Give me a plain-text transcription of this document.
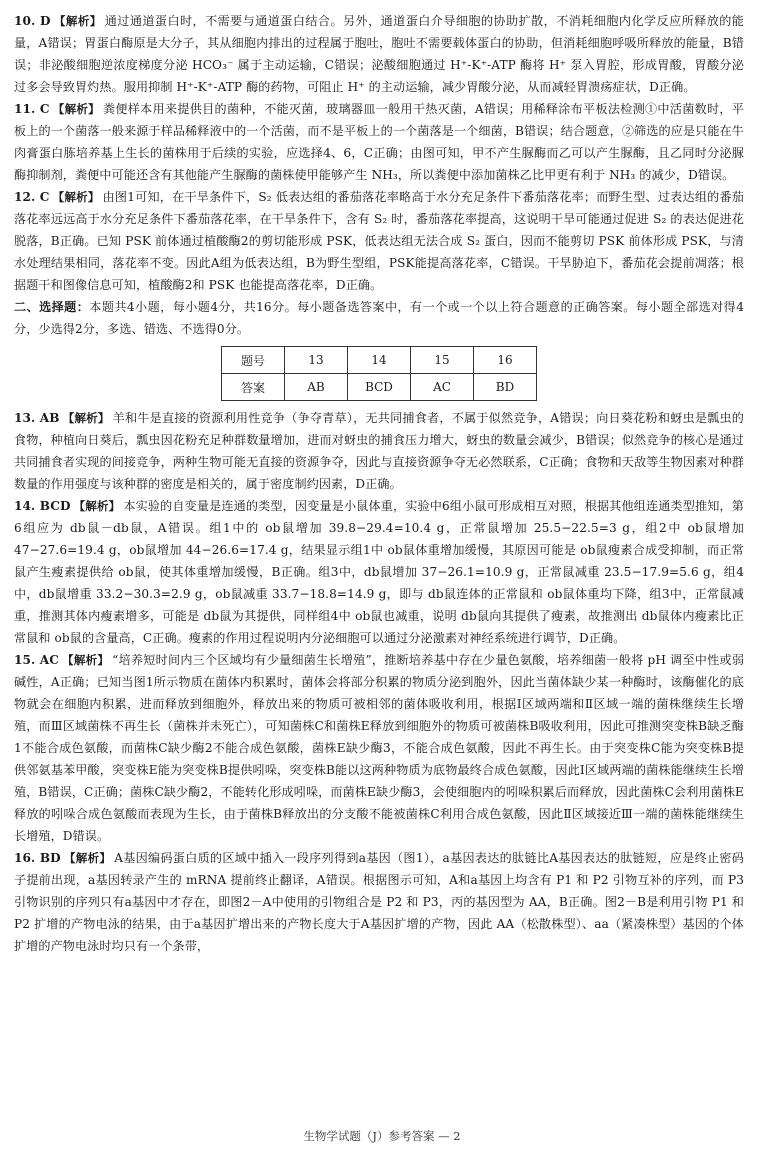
10. D 【解析】 通过通道蛋白时，不需要与通道蛋白结合。另外，通道蛋白介导细胞的协助扩散，不消耗细胞内化学反应所释放的能量，A错误；胃蛋白酶原是大分子，其从细胞内排出的过程属于胞吐，胞吐不需要载体蛋白的协助，但消耗细胞呼吸所释放的能量，B错误；非泌酸细胞逆浓度梯度分泌 HCO₃⁻ 属于主动运输，C错误；泌酸细胞通过 H⁺-K⁺-ATP 酶将 H⁺ 泵入胃腔，形成胃酸，胃酸分泌过多会导致胃灼热。服用抑制 H⁺-K⁺-ATP 酶的药物，可阻止 H⁺ 的主动运输，减少胃酸分泌，从而减轻胃溃疡症状，D正确。

11. C 【解析】 粪便样本用来提供目的菌种，不能灭菌，玻璃器皿一般用干热灭菌，A错误；用稀释涂布平板法检测①中活菌数时，平板上的一个菌落一般来源于样品稀释液中的一个活菌，而不是平板上的一个菌落是一个细菌，B错误；结合题意，②筛选的应是只能在牛肉膏蛋白胨培养基上生长的菌株用于后续的实验，应选择4、6，C正确；由图可知，甲不产生脲酶而乙可以产生脲酶，且乙同时分泌脲酶抑制剂，粪便中可能还含有其他能产生脲酶的菌株使甲能够产生 NH₃，所以粪便中添加菌株乙比甲更有利于 NH₃ 的减少，D错误。

12. C 【解析】 由图1可知，在干旱条件下，S₂ 低表达组的番茄落花率略高于水分充足条件下番茄落花率；而野生型、过表达组的番茄落花率远远高于水分充足条件下番茄落花率，在干旱条件下，含有 S₂ 时，番茄落花率提高，这说明干旱可能通过促进 S₂ 的表达促进花脱落，B正确。已知 PSK 前体通过植酸酶2的剪切能形成 PSK，低表达组无法合成 S₂ 蛋白，因而不能剪切 PSK 前体形成 PSK，与清水处理结果相同，落花率不变。因此A组为低表达组，B为野生型组，PSK能提高落花率，C错误。干旱胁迫下，番茄花会提前凋落；根据题干和图像信息可知，植酸酶2和 PSK 也能提高落花率，D正确。

二、选择题：本题共4小题，每小题4分，共16分。每小题备选答案中，有一个或一个以上符合题意的正确答案。每小题全部选对得4分，少选得2分，多选、错选、不选得0分。

题号	13	14	15	16
答案	AB	BCD	AC	BD

13. AB 【解析】 羊和牛是直接的资源利用性竞争（争夺青草），无共同捕食者，不属于似然竞争，A错误；向日葵花粉和蚜虫是瓢虫的食物，种植向日葵后，瓢虫因花粉充足种群数量增加，进而对蚜虫的捕食压力增大，蚜虫的数量会减少，B错误；似然竞争的核心是通过共同捕食者实现的间接竞争，两种生物可能无直接的资源争夺，因此与直接资源争夺无必然联系，C正确；食物和天敌等生物因素对种群数量的作用强度与该种群的密度是相关的，属于密度制约因素，D正确。

14. BCD 【解析】 本实验的自变量是连通的类型，因变量是小鼠体重，实验中6组小鼠可形成相互对照，根据其他组连通类型推知，第6组应为 db鼠－db鼠，A错误。组1中的 ob鼠增加 39.8−29.4=10.4 g，正常鼠增加 25.5−22.5=3 g，组2中 ob鼠增加 47−27.6=19.4 g，ob鼠增加 44−26.6=17.4 g，结果显示组1中 ob鼠体重增加缓慢，其原因可能是 ob鼠瘦素合成受抑制，而正常鼠产生瘦素提供给 ob鼠，使其体重增加缓慢，B正确。组3中，db鼠增加 37−26.1=10.9 g，正常鼠减重 23.5−17.9=5.6 g，组4中，db鼠增重 33.2−30.3=2.9 g，ob鼠减重 33.7−18.8=14.9 g，即与 db鼠连体的正常鼠和 ob鼠体重均下降，组3中，正常鼠减重，推测其体内瘦素增多，可能是 db鼠为其提供，同样组4中 ob鼠也减重，说明 db鼠向其提供了瘦素，故推测出 db鼠体内瘦素比正常鼠和 ob鼠的含量高，C正确。瘦素的作用过程说明内分泌细胞可以通过分泌激素对神经系统进行调节，D正确。

15. AC 【解析】 “培养短时间内三个区域均有少量细菌生长增殖”，推断培养基中存在少量色氨酸，培养细菌一般将 pH 调至中性或弱碱性，A正确；已知当图1所示物质在菌体内积累时，菌体会将部分积累的物质分泌到胞外，因此当菌体缺少某一种酶时，该酶催化的底物就会在细胞内积累，进而释放到细胞外，释放出来的物质可被相邻的菌体吸收利用，根据Ⅰ区域两端和Ⅱ区域一端的菌株继续生长增殖，而Ⅲ区域菌株不再生长（菌株并未死亡），可知菌株C和菌株E释放到细胞外的物质可被菌株B吸收利用，因此可推测突变株B缺乏酶1不能合成色氨酸，而菌株C缺少酶2不能合成色氨酸，菌株E缺少酶3，不能合成色氨酸，因此不再生长。由于突变株C能为突变株B提供邻氨基苯甲酸，突变株E能为突变株B提供吲哚，突变株B能以这两种物质为底物最终合成色氨酸，因此Ⅰ区域两端的菌株能继续生长增殖，B错误，C正确；菌株C缺少酶2，不能转化形成吲哚，而菌株E缺少酶3，会使细胞内的吲哚积累后而释放，因此菌株C会利用菌株E释放的吲哚合成色氨酸而表现为生长，由于菌株B释放出的分支酸不能被菌株C利用合成色氨酸，因此Ⅱ区域接近Ⅲ一端的菌株能继续生长增殖，D错误。

16. BD 【解析】 A基因编码蛋白质的区域中插入一段序列得到a基因（图1），a基因表达的肽链比A基因表达的肽链短，应是终止密码子提前出现，a基因转录产生的 mRNA 提前终止翻译，A错误。根据图示可知，A和a基因上均含有 P1 和 P2 引物互补的序列，而 P3 引物识别的序列只有a基因中才存在，即图2－A中使用的引物组合是 P2 和 P3，丙的基因型为 AA，B正确。图2－B是利用引物 P1 和 P2 扩增的产物电泳的结果，由于a基因扩增出来的产物长度大于A基因扩增的产物，因此 AA（松散株型）、aa（紧凑株型）基因的个体扩增的产物电泳时均只有一个条带，

生物学试题（J）参考答案 — 2
